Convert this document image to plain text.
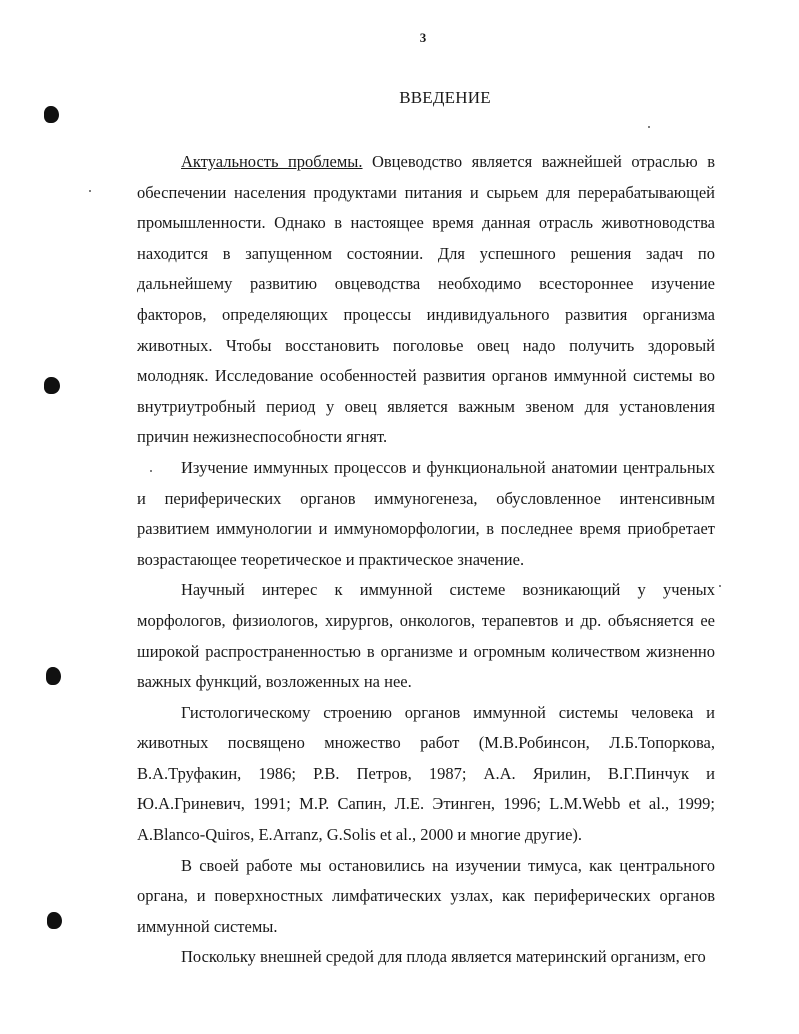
3
ВВЕДЕНИЕ

Актуальность проблемы. Овцеводство является важнейшей отраслью в обеспечении населения продуктами питания и сырьем для перерабатывающей промышленности. Однако в настоящее время данная отрасль животноводства находится в запущенном состоянии. Для успешного решения задач по дальнейшему развитию овцеводства необходимо всестороннее изучение факторов, определяющих процессы индивидуального развития организма животных. Чтобы восстановить поголовье овец надо получить здоровый молодняк. Исследование особенностей развития органов иммунной системы во внутриутробный период у овец является важным звеном для установления причин нежизнеспособности ягнят.

Изучение иммунных процессов и функциональной анатомии центральных и периферических органов иммуногенеза, обусловленное интенсивным развитием иммунологии и иммуноморфологии, в последнее время приобретает возрастающее теоретическое и практическое значение.

Научный интерес к иммунной системе возникающий у ученых морфологов, физиологов, хирургов, онкологов, терапевтов и др. объясняется ее широкой распространенностью в организме и огромным количеством жизненно важных функций, возложенных на нее.

Гистологическому строению органов иммунной системы человека и животных посвящено множество работ (М.В.Робинсон, Л.Б.Топоркова, В.А.Труфакин, 1986; Р.В. Петров, 1987; А.А. Ярилин, В.Г.Пинчук и Ю.А.Гриневич, 1991; М.Р. Сапин, Л.Е. Этинген, 1996; L.M.Webb et al., 1999; A.Blanco-Quiros, E.Arranz, G.Solis et al., 2000 и многие другие).

В своей работе мы остановились на изучении тимуса, как центрального органа, и поверхностных лимфатических узлах, как периферических органов иммунной системы.

Поскольку внешней средой для плода является материнский организм, его
